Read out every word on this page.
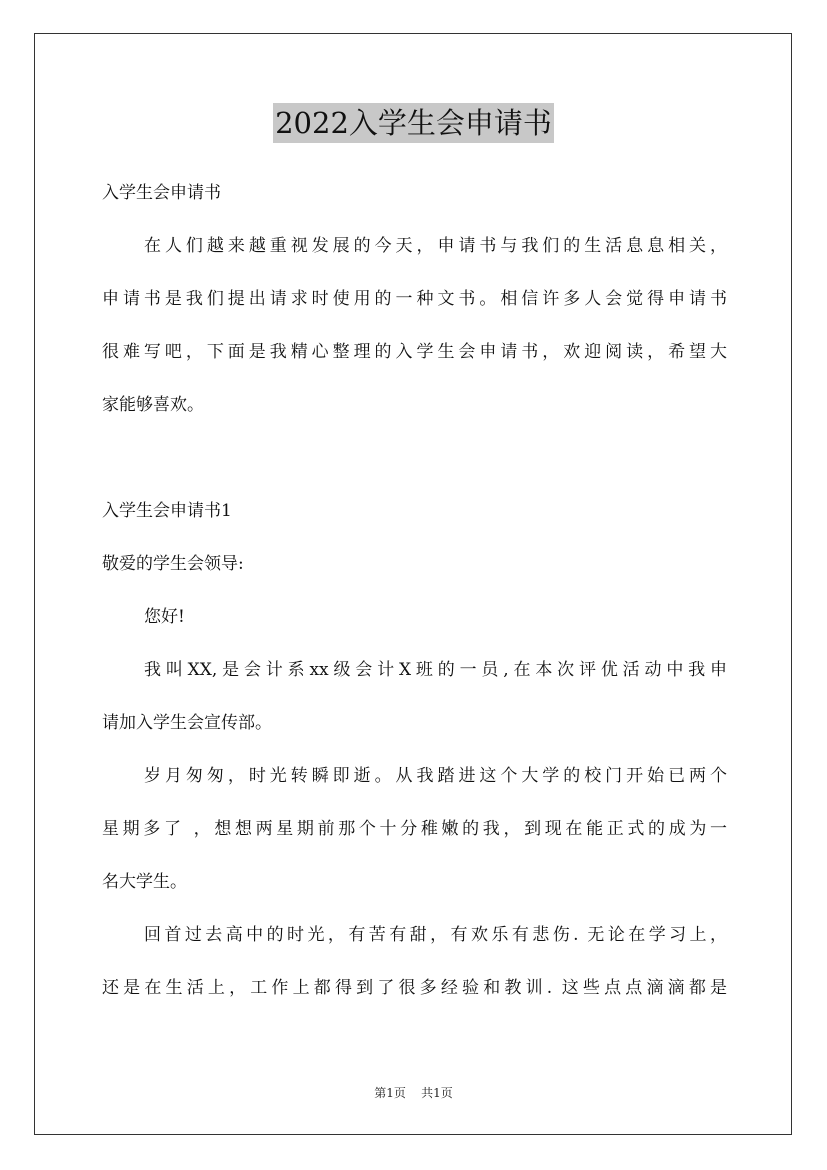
2022入学生会申请书
入学生会申请书
在人们越来越重视发展的今天，申请书与我们的生活息息相关，
申请书是我们提出请求时使用的一种文书。相信许多人会觉得申请书
很难写吧，下面是我精心整理的入学生会申请书，欢迎阅读，希望大
家能够喜欢。
入学生会申请书1
敬爱的学生会领导:
您好!
我叫XX,是会计系xx级会计X班的一员,在本次评优活动中我申
请加入学生会宣传部。
岁月匆匆，时光转瞬即逝。从我踏进这个大学的校门开始已两个
星期多了 ，想想两星期前那个十分稚嫩的我，到现在能正式的成为一
名大学生。
回首过去高中的时光，有苦有甜，有欢乐有悲伤. 无论在学习上，
还是在生活上，工作上都得到了很多经验和教训. 这些点点滴滴都是
第1页 共1页
